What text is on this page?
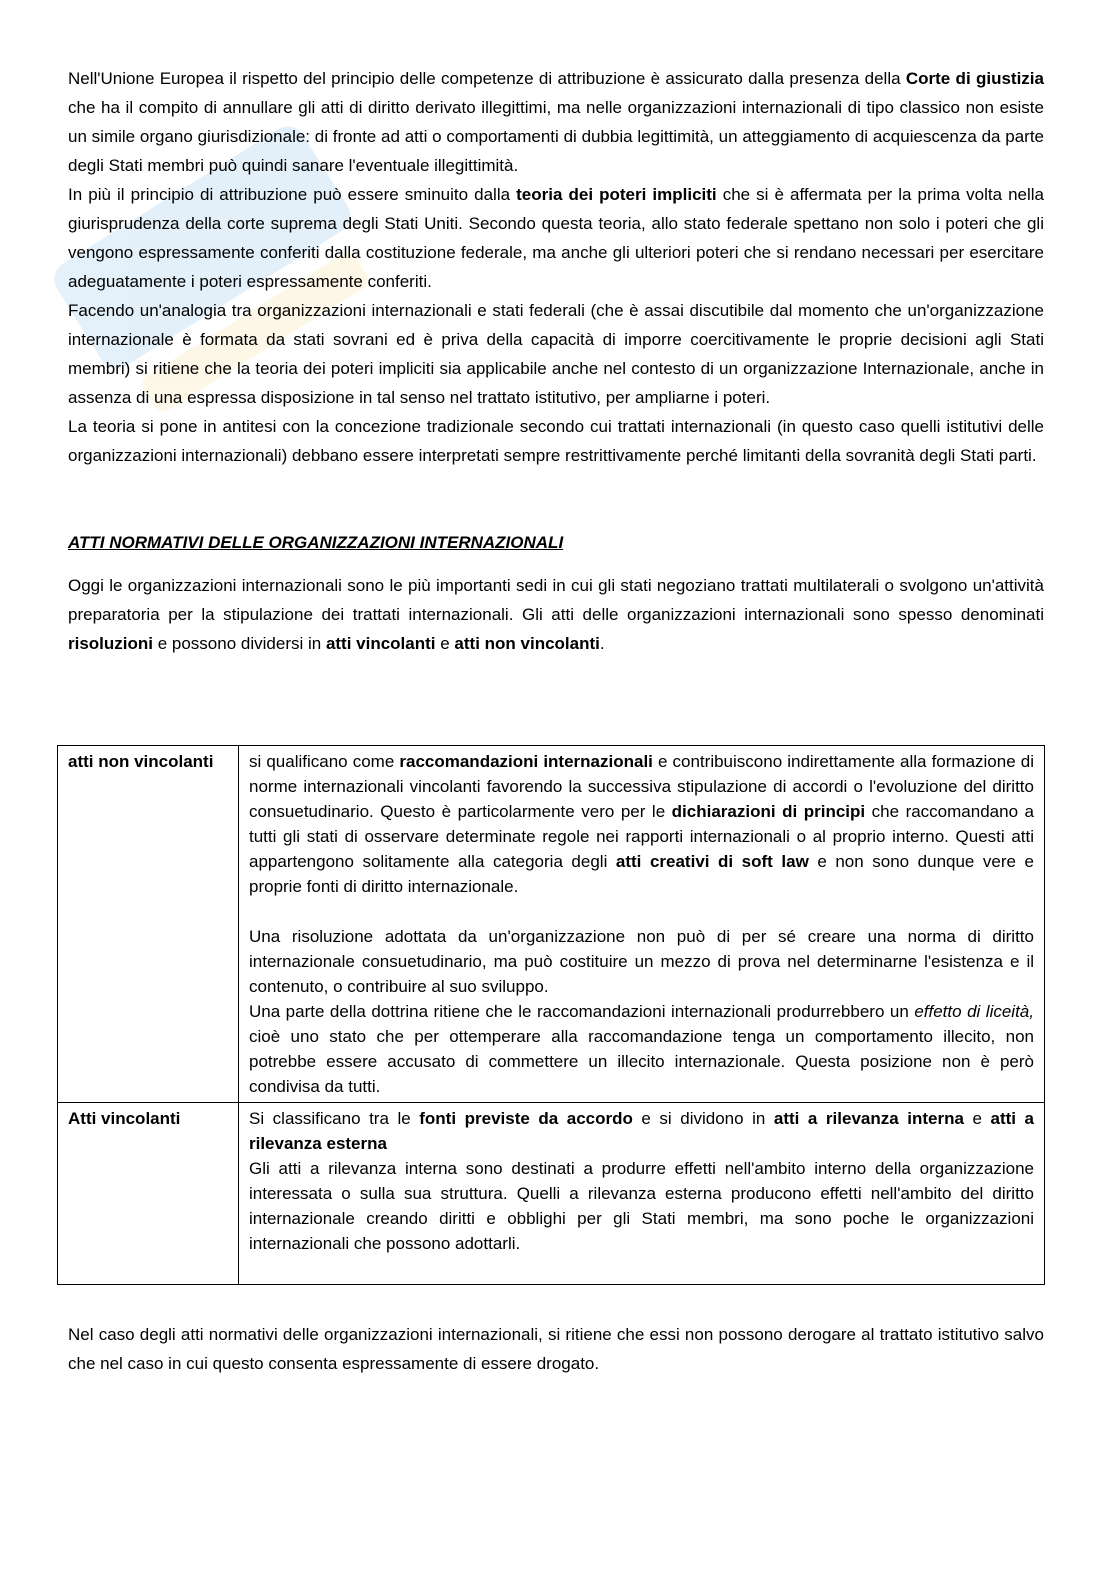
Nell'Unione Europea il rispetto del principio delle competenze di attribuzione è assicurato dalla presenza della Corte di giustizia che ha il compito di annullare gli atti di diritto derivato illegittimi, ma nelle organizzazioni internazionali di tipo classico non esiste un simile organo giurisdizionale: di fronte ad atti o comportamenti di dubbia legittimità, un atteggiamento di acquiescenza da parte degli Stati membri può quindi sanare l'eventuale illegittimità.

In più il principio di attribuzione può essere sminuito dalla teoria dei poteri impliciti che si è affermata per la prima volta nella giurisprudenza della corte suprema degli Stati Uniti. Secondo questa teoria, allo stato federale spettano non solo i poteri che gli vengono espressamente conferiti dalla costituzione federale, ma anche gli ulteriori poteri che si rendano necessari per esercitare adeguatamente i poteri espressamente conferiti.

Facendo un'analogia tra organizzazioni internazionali e stati federali (che è assai discutibile dal momento che un'organizzazione internazionale è formata da stati sovrani ed è priva della capacità di imporre coercitivamente le proprie decisioni agli Stati membri) si ritiene che la teoria dei poteri impliciti sia applicabile anche nel contesto di un organizzazione Internazionale, anche in assenza di una espressa disposizione in tal senso nel trattato istitutivo, per ampliarne i poteri.

La teoria si pone in antitesi con la concezione tradizionale secondo cui trattati internazionali (in questo caso quelli istitutivi delle organizzazioni internazionali) debbano essere interpretati sempre restrittivamente perché limitanti della sovranità degli Stati parti.

ATTI NORMATIVI DELLE ORGANIZZAZIONI INTERNAZIONALI

Oggi le organizzazioni internazionali sono le più importanti sedi in cui gli stati negoziano trattati multilaterali o svolgono un'attività preparatoria per la stipulazione dei trattati internazionali. Gli atti delle organizzazioni internazionali sono spesso denominati risoluzioni e possono dividersi in atti vincolanti e atti non vincolanti.

atti non vincolanti	si qualificano come raccomandazioni internazionali e contribuiscono indirettamente alla formazione di norme internazionali vincolanti favorendo la successiva stipulazione di accordi o l'evoluzione del diritto consuetudinario. Questo è particolarmente vero per le dichiarazioni di principi che raccomandano a tutti gli stati di osservare determinate regole nei rapporti internazionali o al proprio interno. Questi atti appartengono solitamente alla categoria degli atti creativi di soft law e non sono dunque vere e proprie fonti di diritto internazionale.

Una risoluzione adottata da un'organizzazione non può di per sé creare una norma di diritto internazionale consuetudinario, ma può costituire un mezzo di prova nel determinarne l'esistenza e il contenuto, o contribuire al suo sviluppo.

Una parte della dottrina ritiene che le raccomandazioni internazionali produrrebbero un effetto di liceità, cioè uno stato che per ottemperare alla raccomandazione tenga un comportamento illecito, non potrebbe essere accusato di commettere un illecito internazionale. Questa posizione non è però condivisa da tutti.

Atti vincolanti	Si classificano tra le fonti previste da accordo e si dividono in atti a rilevanza interna e atti a rilevanza esterna

Gli atti a rilevanza interna sono destinati a produrre effetti nell'ambito interno della organizzazione interessata o sulla sua struttura. Quelli a rilevanza esterna producono effetti nell'ambito del diritto internazionale creando diritti e obblighi per gli Stati membri, ma sono poche le organizzazioni internazionali che possono adottarli.

Nel caso degli atti normativi delle organizzazioni internazionali, si ritiene che essi non possono derogare al trattato istitutivo salvo che nel caso in cui questo consenta espressamente di essere drogato.
